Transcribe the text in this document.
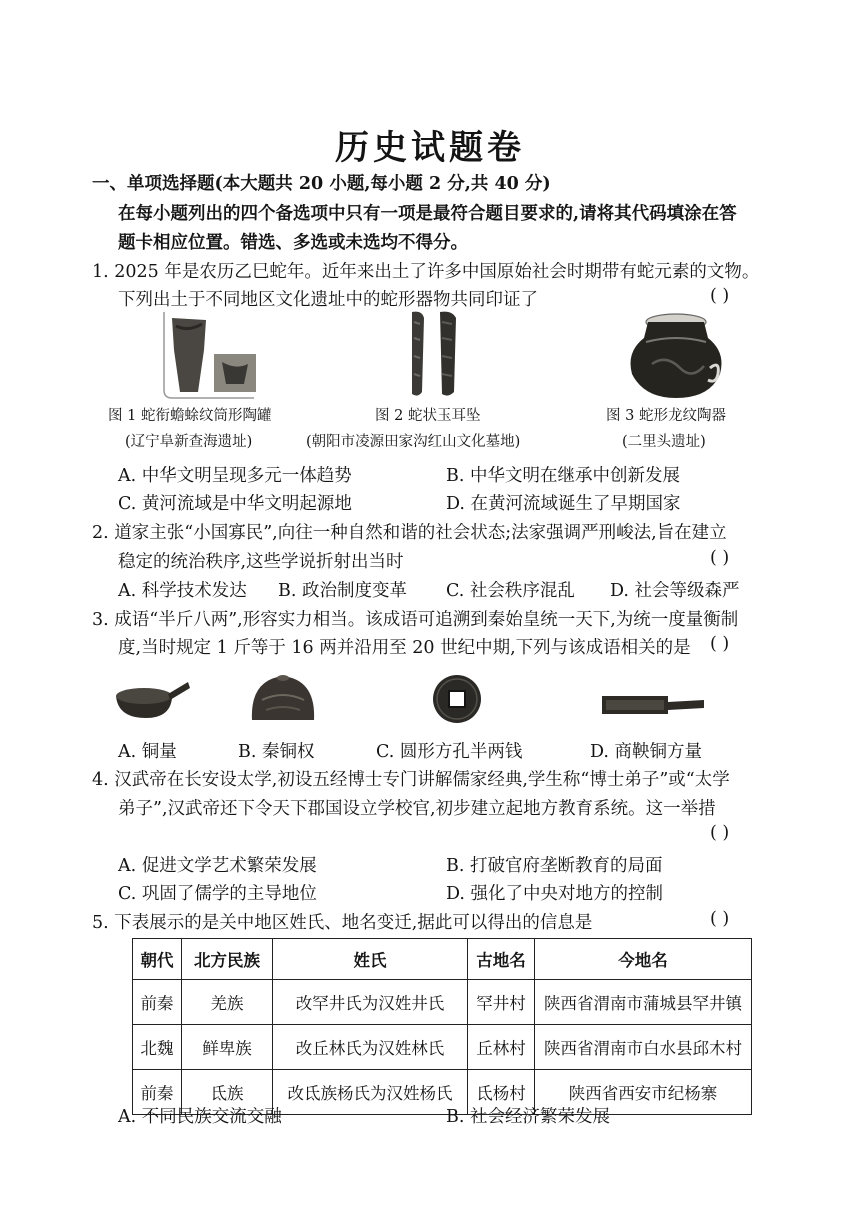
历史试题卷
一、单项选择题(本大题共 20 小题,每小题 2 分,共 40 分)
在每小题列出的四个备选项中只有一项是最符合题目要求的,请将其代码填涂在答
题卡相应位置。错选、多选或未选均不得分。
1. 2025 年是农历乙巳蛇年。近年来出土了许多中国原始社会时期带有蛇元素的文物。
下列出土于不同地区文化遗址中的蛇形器物共同印证了	( )
图 1 蛇衔蟾蜍纹筒形陶罐
(辽宁阜新查海遗址)
图 2 蛇状玉耳坠
(朝阳市凌源田家沟红山文化墓地)
图 3 蛇形龙纹陶器
(二里头遗址)
A. 中华文明呈现多元一体趋势	B. 中华文明在继承中创新发展
C. 黄河流域是中华文明起源地	D. 在黄河流域诞生了早期国家
2. 道家主张“小国寡民”,向往一种自然和谐的社会状态;法家强调严刑峻法,旨在建立
稳定的统治秩序,这些学说折射出当时	( )
A. 科学技术发达 B. 政治制度变革 C. 社会秩序混乱 D. 社会等级森严
3. 成语“半斤八两”,形容实力相当。该成语可追溯到秦始皇统一天下,为统一度量衡制
度,当时规定 1 斤等于 16 两并沿用至 20 世纪中期,下列与该成语相关的是 ( )
A. 铜量	B. 秦铜权	C. 圆形方孔半两钱	D. 商鞅铜方量
4. 汉武帝在长安设太学,初设五经博士专门讲解儒家经典,学生称“博士弟子”或“太学
弟子”,汉武帝还下令天下郡国设立学校官,初步建立起地方教育系统。这一举措
( )
A. 促进文学艺术繁荣发展	B. 打破官府垄断教育的局面
C. 巩固了儒学的主导地位	D. 强化了中央对地方的控制
5. 下表展示的是关中地区姓氏、地名变迁,据此可以得出的信息是	( )
朝代	北方民族	姓氏	古地名	今地名
前秦	羌族	改罕井氏为汉姓井氏	罕井村	陕西省渭南市蒲城县罕井镇
北魏	鲜卑族	改丘林氏为汉姓林氏	丘林村	陕西省渭南市白水县邱木村
前秦	氐族	改氐族杨氏为汉姓杨氏	氐杨村	陕西省西安市纪杨寨
A. 不同民族交流交融	B. 社会经济繁荣发展
